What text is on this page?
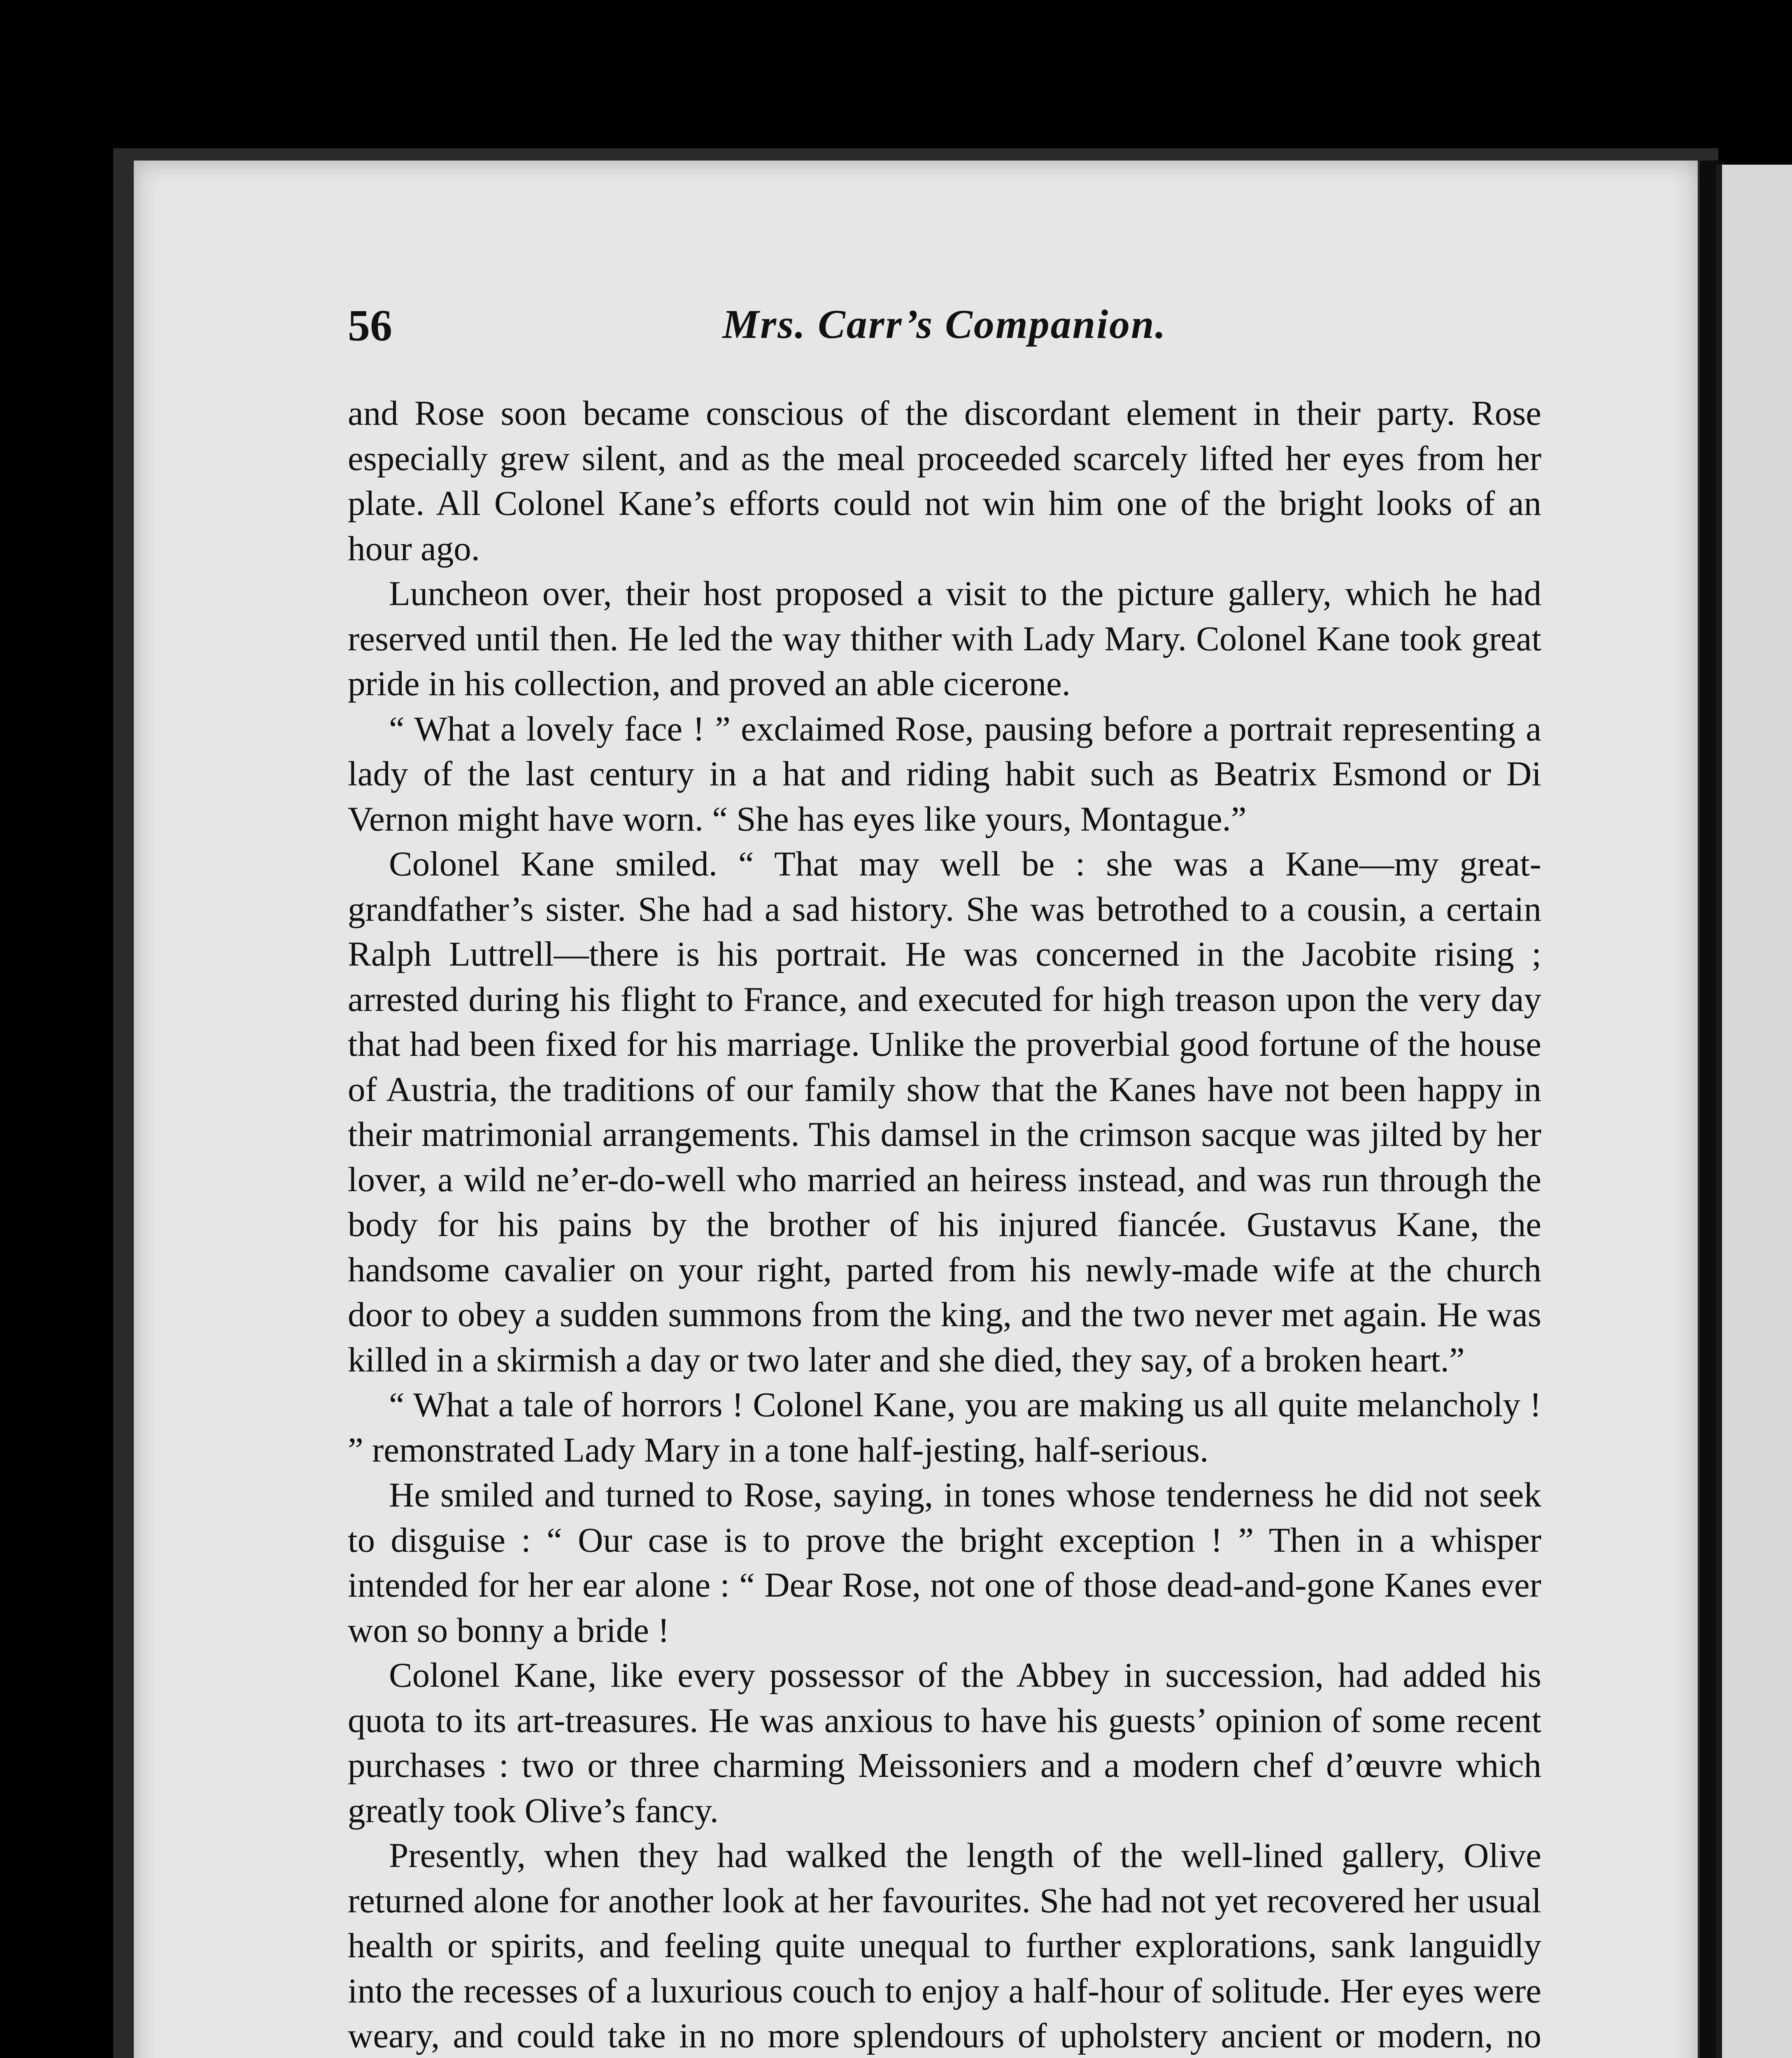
56	Mrs. Carr’s Companion.

and Rose soon became conscious of the discordant element in their party. Rose especially grew silent, and as the meal proceeded scarcely lifted her eyes from her plate. All Colonel Kane’s efforts could not win him one of the bright looks of an hour ago.

Luncheon over, their host proposed a visit to the picture gallery, which he had reserved until then. He led the way thither with Lady Mary. Colonel Kane took great pride in his collection, and proved an able cicerone.

“ What a lovely face ! ” exclaimed Rose, pausing before a portrait representing a lady of the last century in a hat and riding habit such as Beatrix Esmond or Di Vernon might have worn. “ She has eyes like yours, Montague.”

Colonel Kane smiled. “ That may well be : she was a Kane—my great-grandfather’s sister. She had a sad history. She was betrothed to a cousin, a certain Ralph Luttrell—there is his portrait. He was concerned in the Jacobite rising ; arrested during his flight to France, and executed for high treason upon the very day that had been fixed for his marriage. Unlike the proverbial good fortune of the house of Austria, the traditions of our family show that the Kanes have not been happy in their matrimonial arrangements. This damsel in the crimson sacque was jilted by her lover, a wild ne’er-do-well who married an heiress instead, and was run through the body for his pains by the brother of his injured fiancée. Gustavus Kane, the handsome cavalier on your right, parted from his newly-made wife at the church door to obey a sudden summons from the king, and the two never met again. He was killed in a skirmish a day or two later and she died, they say, of a broken heart.”

“ What a tale of horrors ! Colonel Kane, you are making us all quite melancholy ! ” remonstrated Lady Mary in a tone half-jesting, half-serious.

He smiled and turned to Rose, saying, in tones whose tenderness he did not seek to disguise : “ Our case is to prove the bright exception ! ” Then in a whisper intended for her ear alone : “ Dear Rose, not one of those dead-and-gone Kanes ever won so bonny a bride !

Colonel Kane, like every possessor of the Abbey in succession, had added his quota to its art-treasures. He was anxious to have his guests’ opinion of some recent purchases : two or three charming Meissoniers and a modern chef d’œuvre which greatly took Olive’s fancy.

Presently, when they had walked the length of the well-lined gallery, Olive returned alone for another look at her favourites. She had not yet recovered her usual health or spirits, and feeling quite unequal to further explorations, sank languidly into the recesses of a luxurious couch to enjoy a half-hour of solitude. Her eyes were weary, and could take in no more splendours of upholstery ancient or modern, no
